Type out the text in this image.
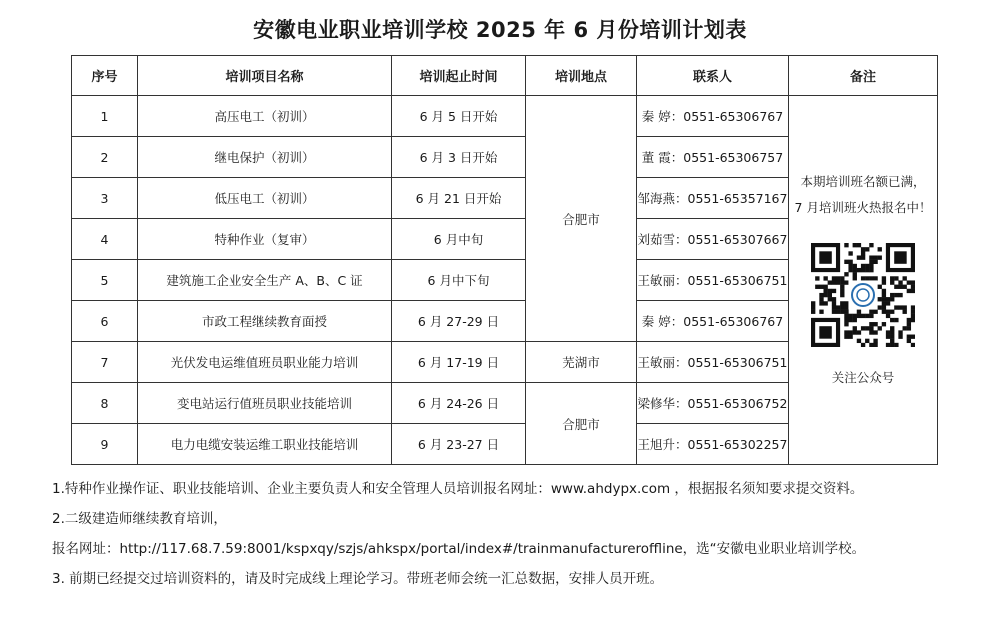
安徽电业职业培训学校 2025 年 6 月份培训计划表
序号	培训项目名称	培训起止时间	培训地点	联系人	备注
1	高压电工（初训）	6 月 5 日开始	合肥市	秦 婷：0551-65306767	本期培训班名额已满，
7 月培训班火热报名中！
关注公众号

2	继电保护（初训）	6 月 3 日开始		董 霞：0551-65306757	
3	低压电工（初训）	6 月 21 日开始		邹海燕：0551-65357167	
4	特种作业（复审）	6 月中旬		刘茹雪：0551-65307667	
5	建筑施工企业安全生产 A、B、C 证	6 月中下旬		王敏丽：0551-65306751	
6	市政工程继续教育面授	6 月 27-29 日		秦 婷：0551-65306767	
7	光伏发电运维值班员职业能力培训	6 月 17-19 日	芜湖市	王敏丽：0551-65306751	
8	变电站运行值班员职业技能培训	6 月 24-26 日	合肥市	梁修华：0551-65306752	
9	电力电缆安装运维工职业技能培训	6 月 23-27 日		王旭升：0551-65302257	
1.特种作业操作证、职业技能培训、企业主要负责人和安全管理人员培训报名网址：www.ahdypx.com ，根据报名须知要求提交资料。
2.二级建造师继续教育培训，
报名网址：http://117.68.7.59:8001/kspxqy/szjs/ahkspx/portal/index#/trainmanufactureroffline，选“安徽电业职业培训学校。
3. 前期已经提交过培训资料的，请及时完成线上理论学习。带班老师会统一汇总数据，安排人员开班。
